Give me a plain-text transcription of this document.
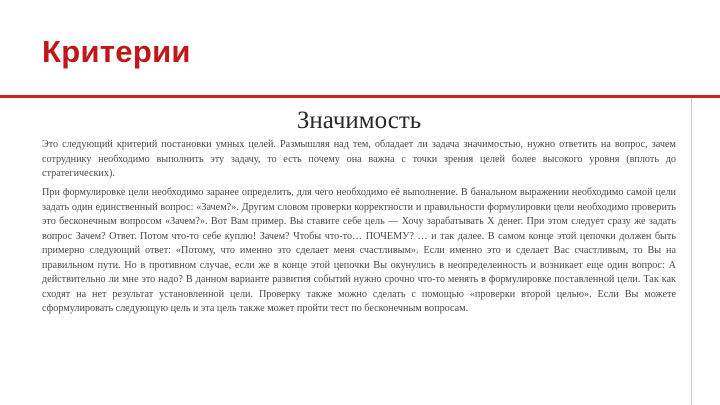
Критерии
Значимость

Это следующий критерий постановки умных целей. Размышляя над тем, обладает ли задача значимостью, нужно ответить на вопрос, зачем сотруднику необходимо выполнить эту задачу, то есть почему она важна с точки зрения целей более высокого уровня (вплоть до стратегических).

При формулировке цели необходимо заранее определить, для чего необходимо её выполнение. В банальном выражении необходимо самой цели задать один единственный вопрос: «Зачем?». Другим словом проверки корректности и правильности формулировки цели необходимо проверить это бесконечным вопросом «Зачем?». Вот Вам пример. Вы ставите себе цель — Хочу зарабатывать Х денег. При этом следует сразу же задать вопрос Зачем? Ответ. Потом что-то себе куплю! Зачем? Чтобы что-то… ПОЧЕМУ? … и так далее. В самом конце этой цепочки должен быть примерно следующий ответ: «Потому, что именно это сделает меня счастливым». Если именно это и сделает Вас счастливым, то Вы на правильном пути. Но в противном случае, если же в конце этой цепочки Вы окунулись в неопределенность и возникает еще один вопрос: А действительно ли мне это надо? В данном варианте развития событий нужно срочно что-то менять в формулировке поставленной цели. Так как сходят на нет результат установленной цели. Проверку также можно сделать с помощью «проверки второй целью». Если Вы можете сформулировать следующую цель и эта цель также может пройти тест по бесконечным вопросам.
